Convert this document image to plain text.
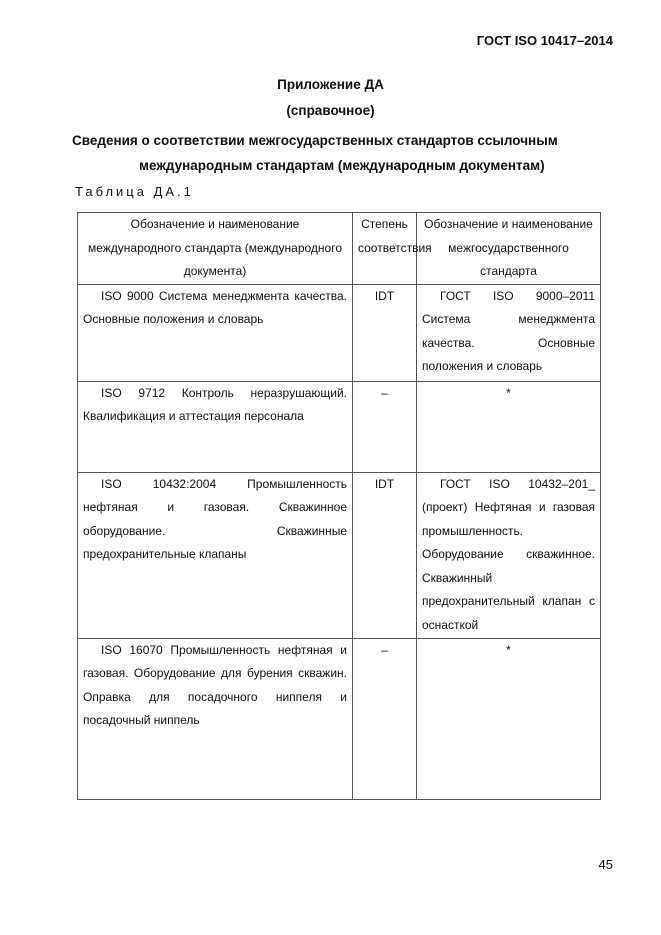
ГОСТ ISO 10417–2014
Приложение ДА
(справочное)
Сведения о соответствии межгосударственных стандартов ссылочным
международным стандартам (международным документам)
Таблица ДА.1
Обозначение и наименование международного стандарта (международного документа)	Степень соответствия	Обозначение и наименование межгосударственного стандарта
ISO 9000 Система менеджмента качества. Основные положения и словарь	IDT	ГОСТ ISO 9000–2011 Система менеджмента качества. Основные положения и словарь
ISO 9712 Контроль неразрушающий. Квалификация и аттестация персонала	–	*
ISO 10432:2004 Промышленность нефтяная и газовая. Скважинное оборудование. Скважинные предохранительные клапаны	IDT	ГОСТ ISO 10432–201_ (проект) Нефтяная и газовая промышленность. Оборудование скважинное. Скважинный предохранительный клапан с оснасткой
ISO 16070 Промышленность нефтяная и газовая. Оборудование для бурения скважин. Оправка для посадочного ниппеля и посадочный ниппель	–	*
45
